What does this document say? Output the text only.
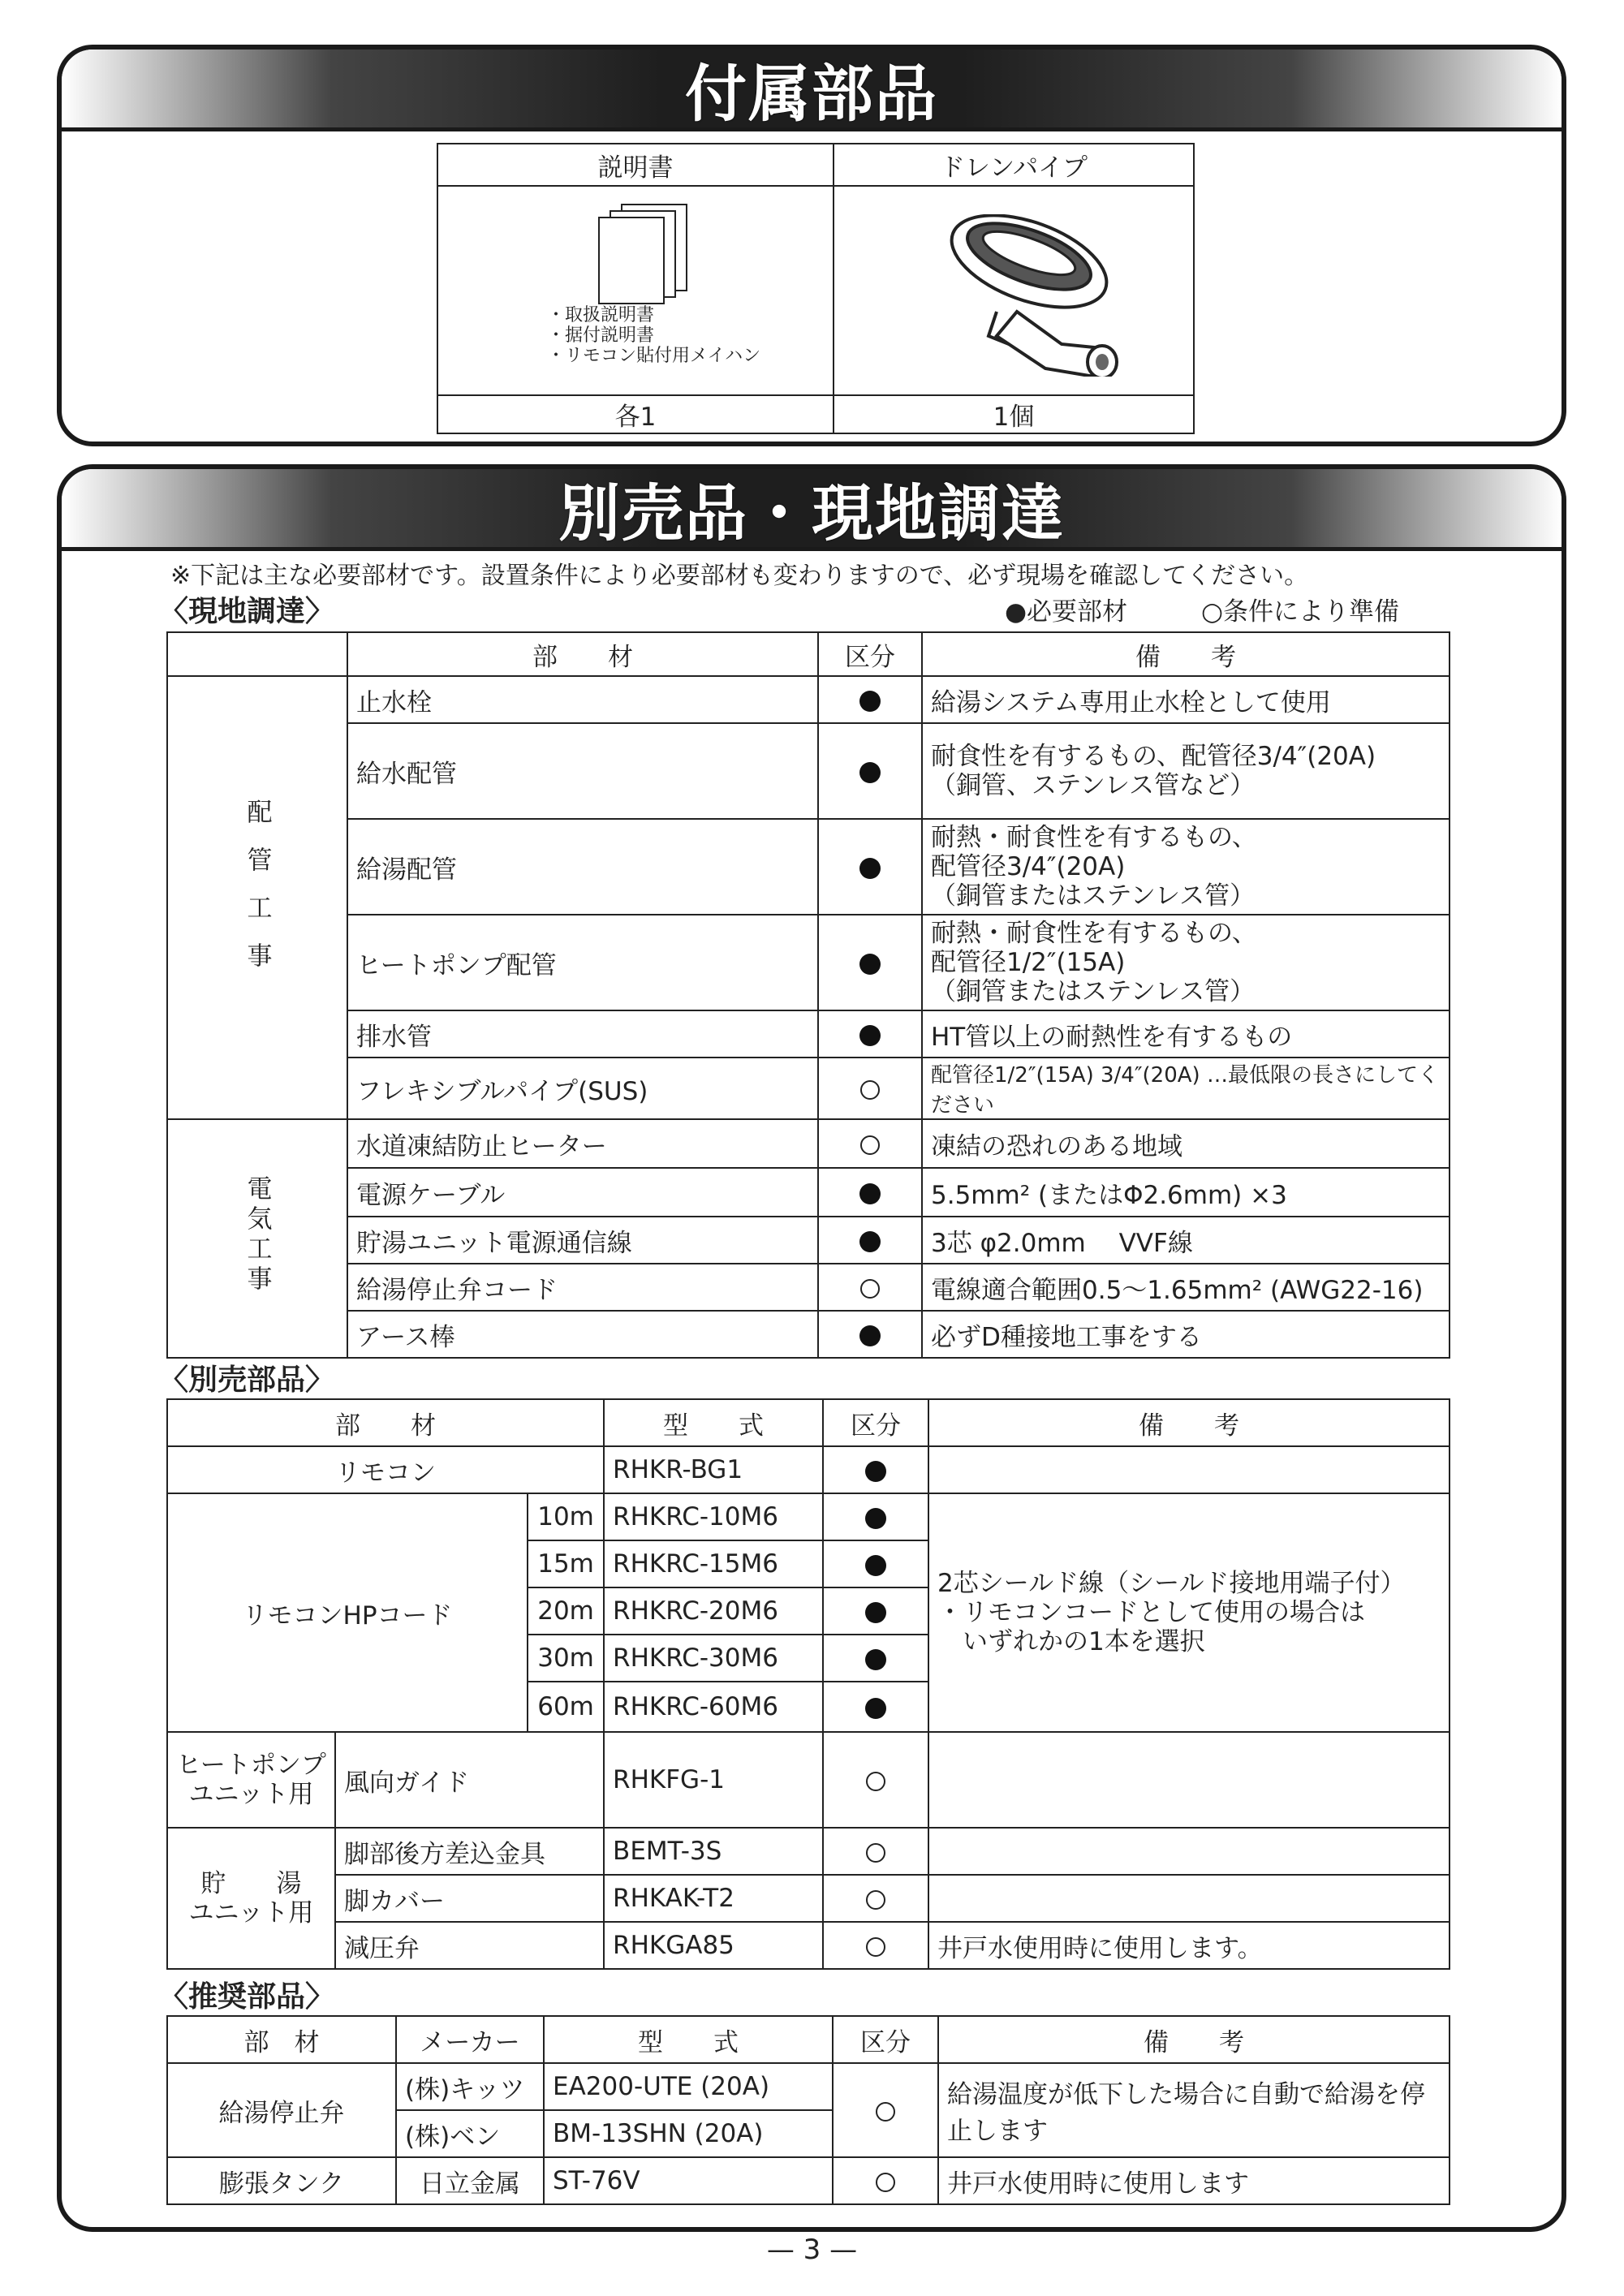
付属部品
説明書	ドレンパイプ

・取扱説明書
・据付説明書
・リモコン貼付用メイハン

各1	1個
別売品・現地調達
※下記は主な必要部材です。設置条件により必要部材も変わりますので、必ず現場を確認してください。
〈現地調達〉	●必要部材	○条件により準備
	部　　材	区分	備　　考
配管工事	止水栓		給湯システム専用止水栓として使用
	給水配管		耐食性を有するもの、配管径3/4″(20A)
（銅管、ステンレス管など）

	給湯配管		耐熱・耐食性を有するもの、
配管径3/4″(20A)
（銅管またはステンレス管）

	ヒートポンプ配管		耐熱・耐食性を有するもの、
配管径1/2″(15A)
（銅管またはステンレス管）

	排水管		HT管以上の耐熱性を有するもの
	フレキシブルパイプ(SUS)		配管径1/2″(15A) 3/4″(20A) …最低限の長さにしてください
電気工事	水道凍結防止ヒーター		凍結の恐れのある地域
	電源ケーブル		5.5mm² (またはΦ2.6mm) ×3
	貯湯ユニット電源通信線		3芯 φ2.0mm　 VVF線
	給湯停止弁コード		電線適合範囲0.5～1.65mm² (AWG22-16)
	アース棒		必ずD種接地工事をする
〈別売部品〉
部　　材			型　　式	区分	備　　考
リモコン			RHKR-BG1		
リモコンHPコード		10m	RHKRC-10M6		2芯シールド線（シールド接地用端子付）
・リモコンコードとして使用の場合は
　いずれかの1本を選択

		15m	RHKRC-15M6		
		20m	RHKRC-20M6		
		30m	RHKRC-30M6		
		60m	RHKRC-60M6		

ヒートポンプ
ユニット用	風向ガイド		RHKFG-1		

貯　　湯
ユニット用	脚部後方差込金具		BEMT-3S		
	脚カバー		RHKAK-T2		
	減圧弁		RHKGA85		井戸水使用時に使用します。
〈推奨部品〉
部　材	メーカー	型　　式	区分	備　　考
給湯停止弁	(株)キッツ	EA200-UTE (20A)		給湯温度が低下した場合に自動で給湯を停止します
	(株)ベン	BM-13SHN (20A)		
膨張タンク	日立金属	ST-76V		井戸水使用時に使用します
— 3 —
